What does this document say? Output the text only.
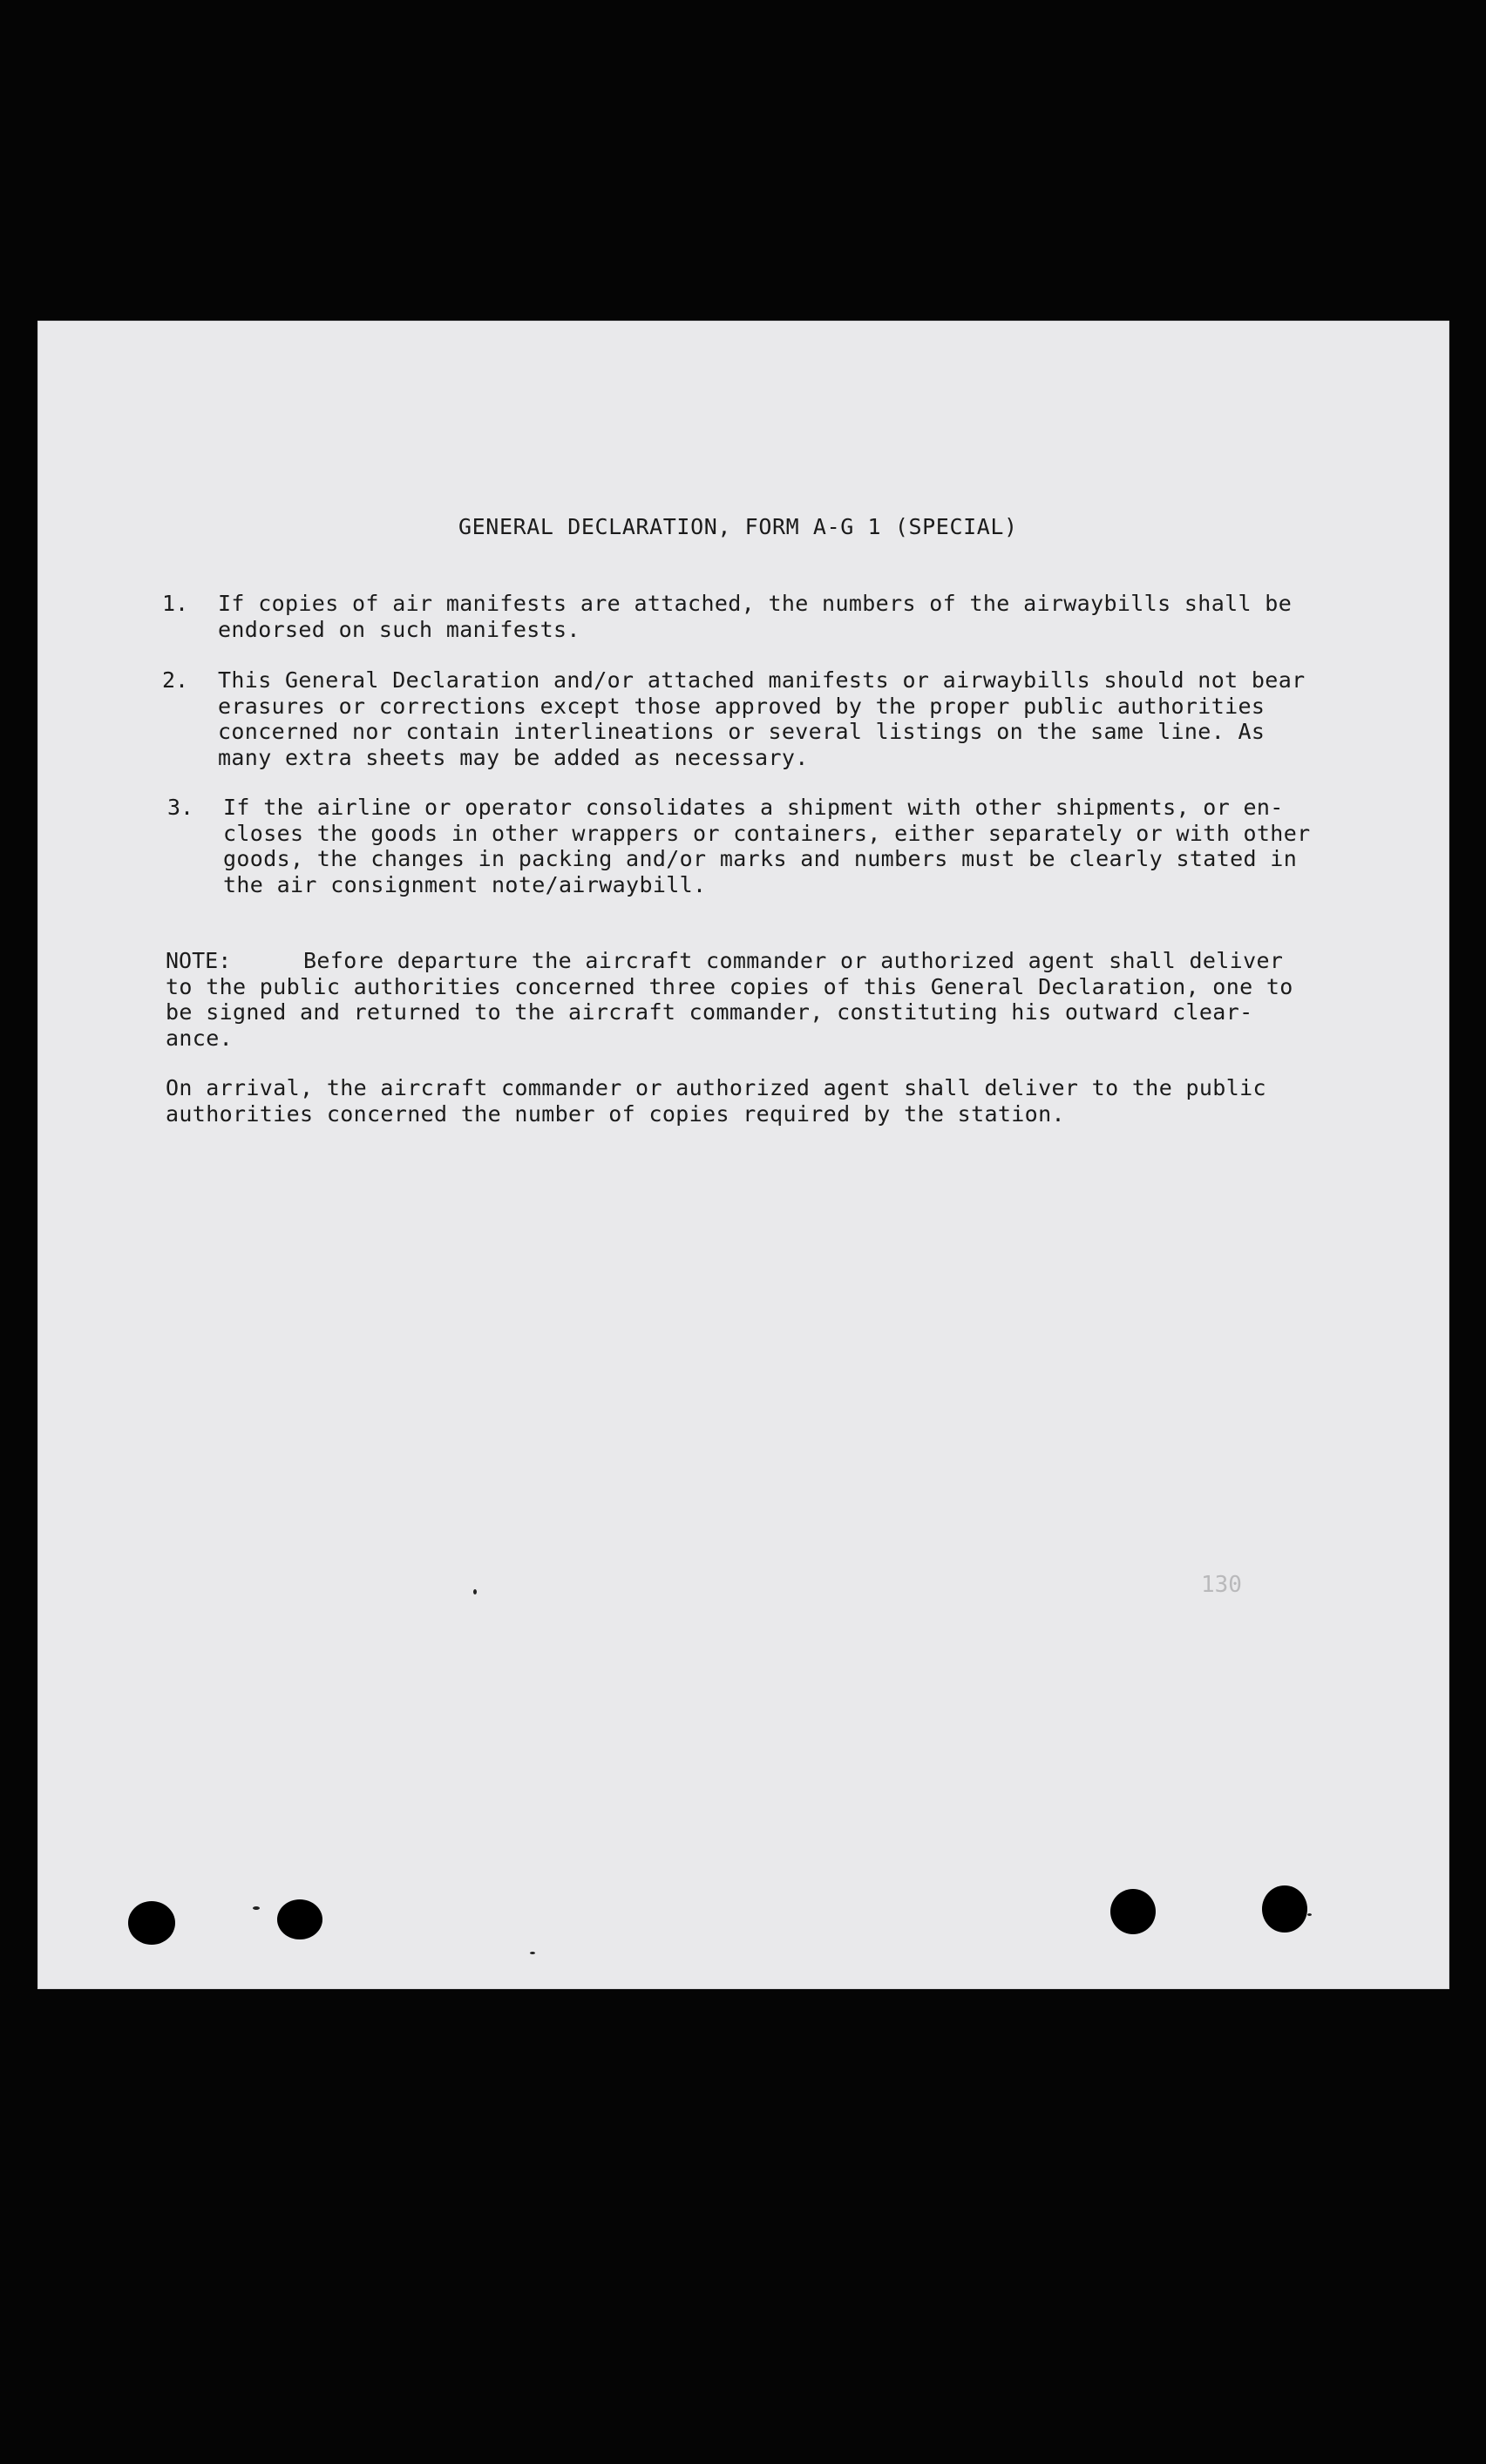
GENERAL DECLARATION, FORM A-G 1 (SPECIAL)
1. If copies of air manifests are attached, the numbers of the airwaybills shall be
endorsed on such manifests.
2. This General Declaration and/or attached manifests or airwaybills should not bear
erasures or corrections except those approved by the proper public authorities
concerned nor contain interlineations or several listings on the same line. As
many extra sheets may be added as necessary.
3. If the airline or operator consolidates a shipment with other shipments, or en-
closes the goods in other wrappers or containers, either separately or with other
goods, the changes in packing and/or marks and numbers must be clearly stated in
the air consignment note/airwaybill.
NOTE:	Before departure the aircraft commander or authorized agent shall deliver
to the public authorities concerned three copies of this General Declaration, one to
be signed and returned to the aircraft commander, constituting his outward clear-
ance.
On arrival, the aircraft commander or authorized agent shall deliver to the public
authorities concerned the number of copies required by the station.
130
